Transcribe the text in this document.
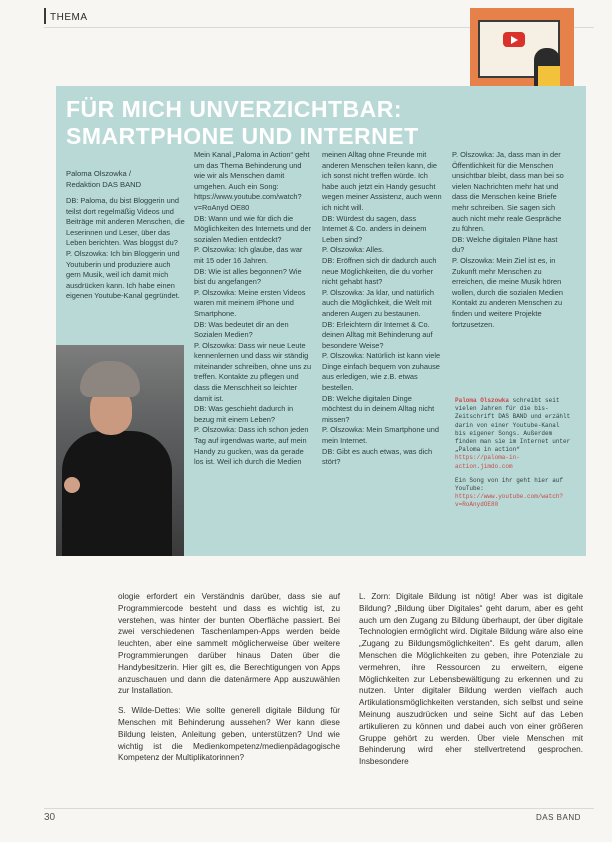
THEMA
FÜR MICH UNVERZICHTBAR:
SMARTPHONE UND INTERNET
Paloma Olszowka /
Redaktion DAS BAND

DB: Paloma, du bist Bloggerin und teilst dort regelmäßig Videos und Beiträge mit anderen Menschen, die Leserinnen und Leser, über das Leben berichten. Was bloggst du?

P. Olszowka: Ich bin Bloggerin und Youtuberin und produziere auch gern Musik, weil ich damit mich ausdrücken kann. Ich habe einen eigenen Youtube-Kanal gegründet.

Mein Kanal „Paloma in Action“ geht um das Thema Behinderung und wie wir als Menschen damit umgehen. Auch ein Song: https://www.youtube.com/watch?v=RoAnyd OE80

DB: Wann und wie für dich die Möglichkeiten des Internets und der sozialen Medien entdeckt?

P. Olszowka: Ich glaube, das war mit 15 oder 16 Jahren.

DB: Wie ist alles begonnen? Wie bist du angefangen?

P. Olszowka: Meine ersten Videos waren mit meinem iPhone und Smartphone.

DB: Was bedeutet dir an den Sozialen Medien?

P. Olszowka: Dass wir neue Leute kennenlernen und dass wir ständig miteinander schreiben, ohne uns zu treffen. Kontakte zu pflegen und dass die Menschheit so leichter damit ist.

DB: Was geschieht dadurch in bezug mit einem Leben?

P. Olszowka: Dass ich schon jeden Tag auf irgendwas warte, auf mein Handy zu gucken, was da gerade los ist. Weil ich durch die Medien

meinen Alltag ohne Freunde mit anderen Menschen teilen kann, die ich sonst nicht treffen würde. Ich habe auch jetzt ein Handy gesucht wegen meiner Assistenz, auch wenn ich nicht will.

DB: Würdest du sagen, dass Internet & Co. anders in deinem Leben sind?

P. Olszowka: Alles.

DB: Eröffnen sich dir dadurch auch neue Möglichkeiten, die du vorher nicht gehabt hast?

P. Olszowka: Ja klar, und natürlich auch die Möglichkeit, die Welt mit anderen Augen zu bestaunen.

DB: Erleichtern dir Internet & Co. deinen Alltag mit Behinderung auf besondere Weise?

P. Olszowka: Natürlich ist kann viele Dinge einfach bequem von zuhause aus erledigen, wie z.B. etwas bestellen.

DB: Welche digitalen Dinge möchtest du in deinem Alltag nicht missen?

P. Olszowka: Mein Smartphone und mein Internet.

DB: Gibt es auch etwas, was dich stört?

P. Olszowka: Ja, dass man in der Öffentlichkeit für die Menschen unsichtbar bleibt, dass man bei so vielen Nachrichten mehr hat und dass die Menschen keine Briefe mehr schreiben. Sie sagen sich auch nicht mehr reale Gespräche zu führen.

DB: Welche digitalen Pläne hast du?

P. Olszowka: Mein Ziel ist es, in Zukunft mehr Menschen zu erreichen, die meine Musik hören wollen, durch die sozialen Medien Kontakt zu anderen Menschen zu finden und weitere Projekte fortzusetzen.

Paloma Olszowka schreibt seit vielen Jahren für die bis-Zeitschrift DAS BAND und erzählt darin von einer Youtube-Kanal bis eigener Songs. Außerdem finden man sie im Internet unter „Paloma in action“
https://paloma-in-action.jimdo.com
Ein Song von ihr geht hier auf YouTube:
https://www.youtube.com/watch?v=RoAnydOE80

ologie erfordert ein Verständnis darüber, dass sie auf Programmiercode besteht und dass es wichtig ist, zu verstehen, was hinter der bunten Oberfläche passiert. Bei zwei verschiedenen Taschenlampen-Apps werden beide leuchten, aber eine sammelt möglicherweise über weitere Programmierungen darüber hinaus Daten über die Handybesitzerin. Hier gilt es, die Berechtigungen von Apps anzuschauen und dann die datenärmere App auszuwählen zur Installation.

S. Wilde-Dettes: Wie sollte generell digitale Bildung für Menschen mit Behinderung aussehen? Wer kann diese Bildung leisten, Anleitung geben, unterstützen? Und wie wichtig ist die Medienkompetenz/medienpädagogische Kompetenz der Multiplikatorinnen?

L. Zorn: Digitale Bildung ist nötig! Aber was ist digitale Bildung? „Bildung über Digitales“ geht darum, aber es geht auch um den Zugang zu Bildung überhaupt, der über digitale Technologien ermöglicht wird. Digitale Bildung wäre also eine „Zugang zu Bildungsmöglichkeiten“. Es geht darum, allen Menschen die Möglichkeiten zu geben, ihre Potenziale zu vermehren, ihre Ressourcen zu erweitern, eigene Möglichkeiten zur Lebensbewältigung zu erkennen und zu nutzen. Unter digitaler Bildung werden vielfach auch Artikulationsmöglichkeiten verstanden, sich selbst und seine Meinung auszudrücken und seine Sicht auf das Leben artikulieren zu können und dabei auch von einer größeren Gruppe gehört zu werden. Über viele Menschen mit Behinderung wird eher stellvertretend gesprochen. Insbesondere

30	DAS BAND
